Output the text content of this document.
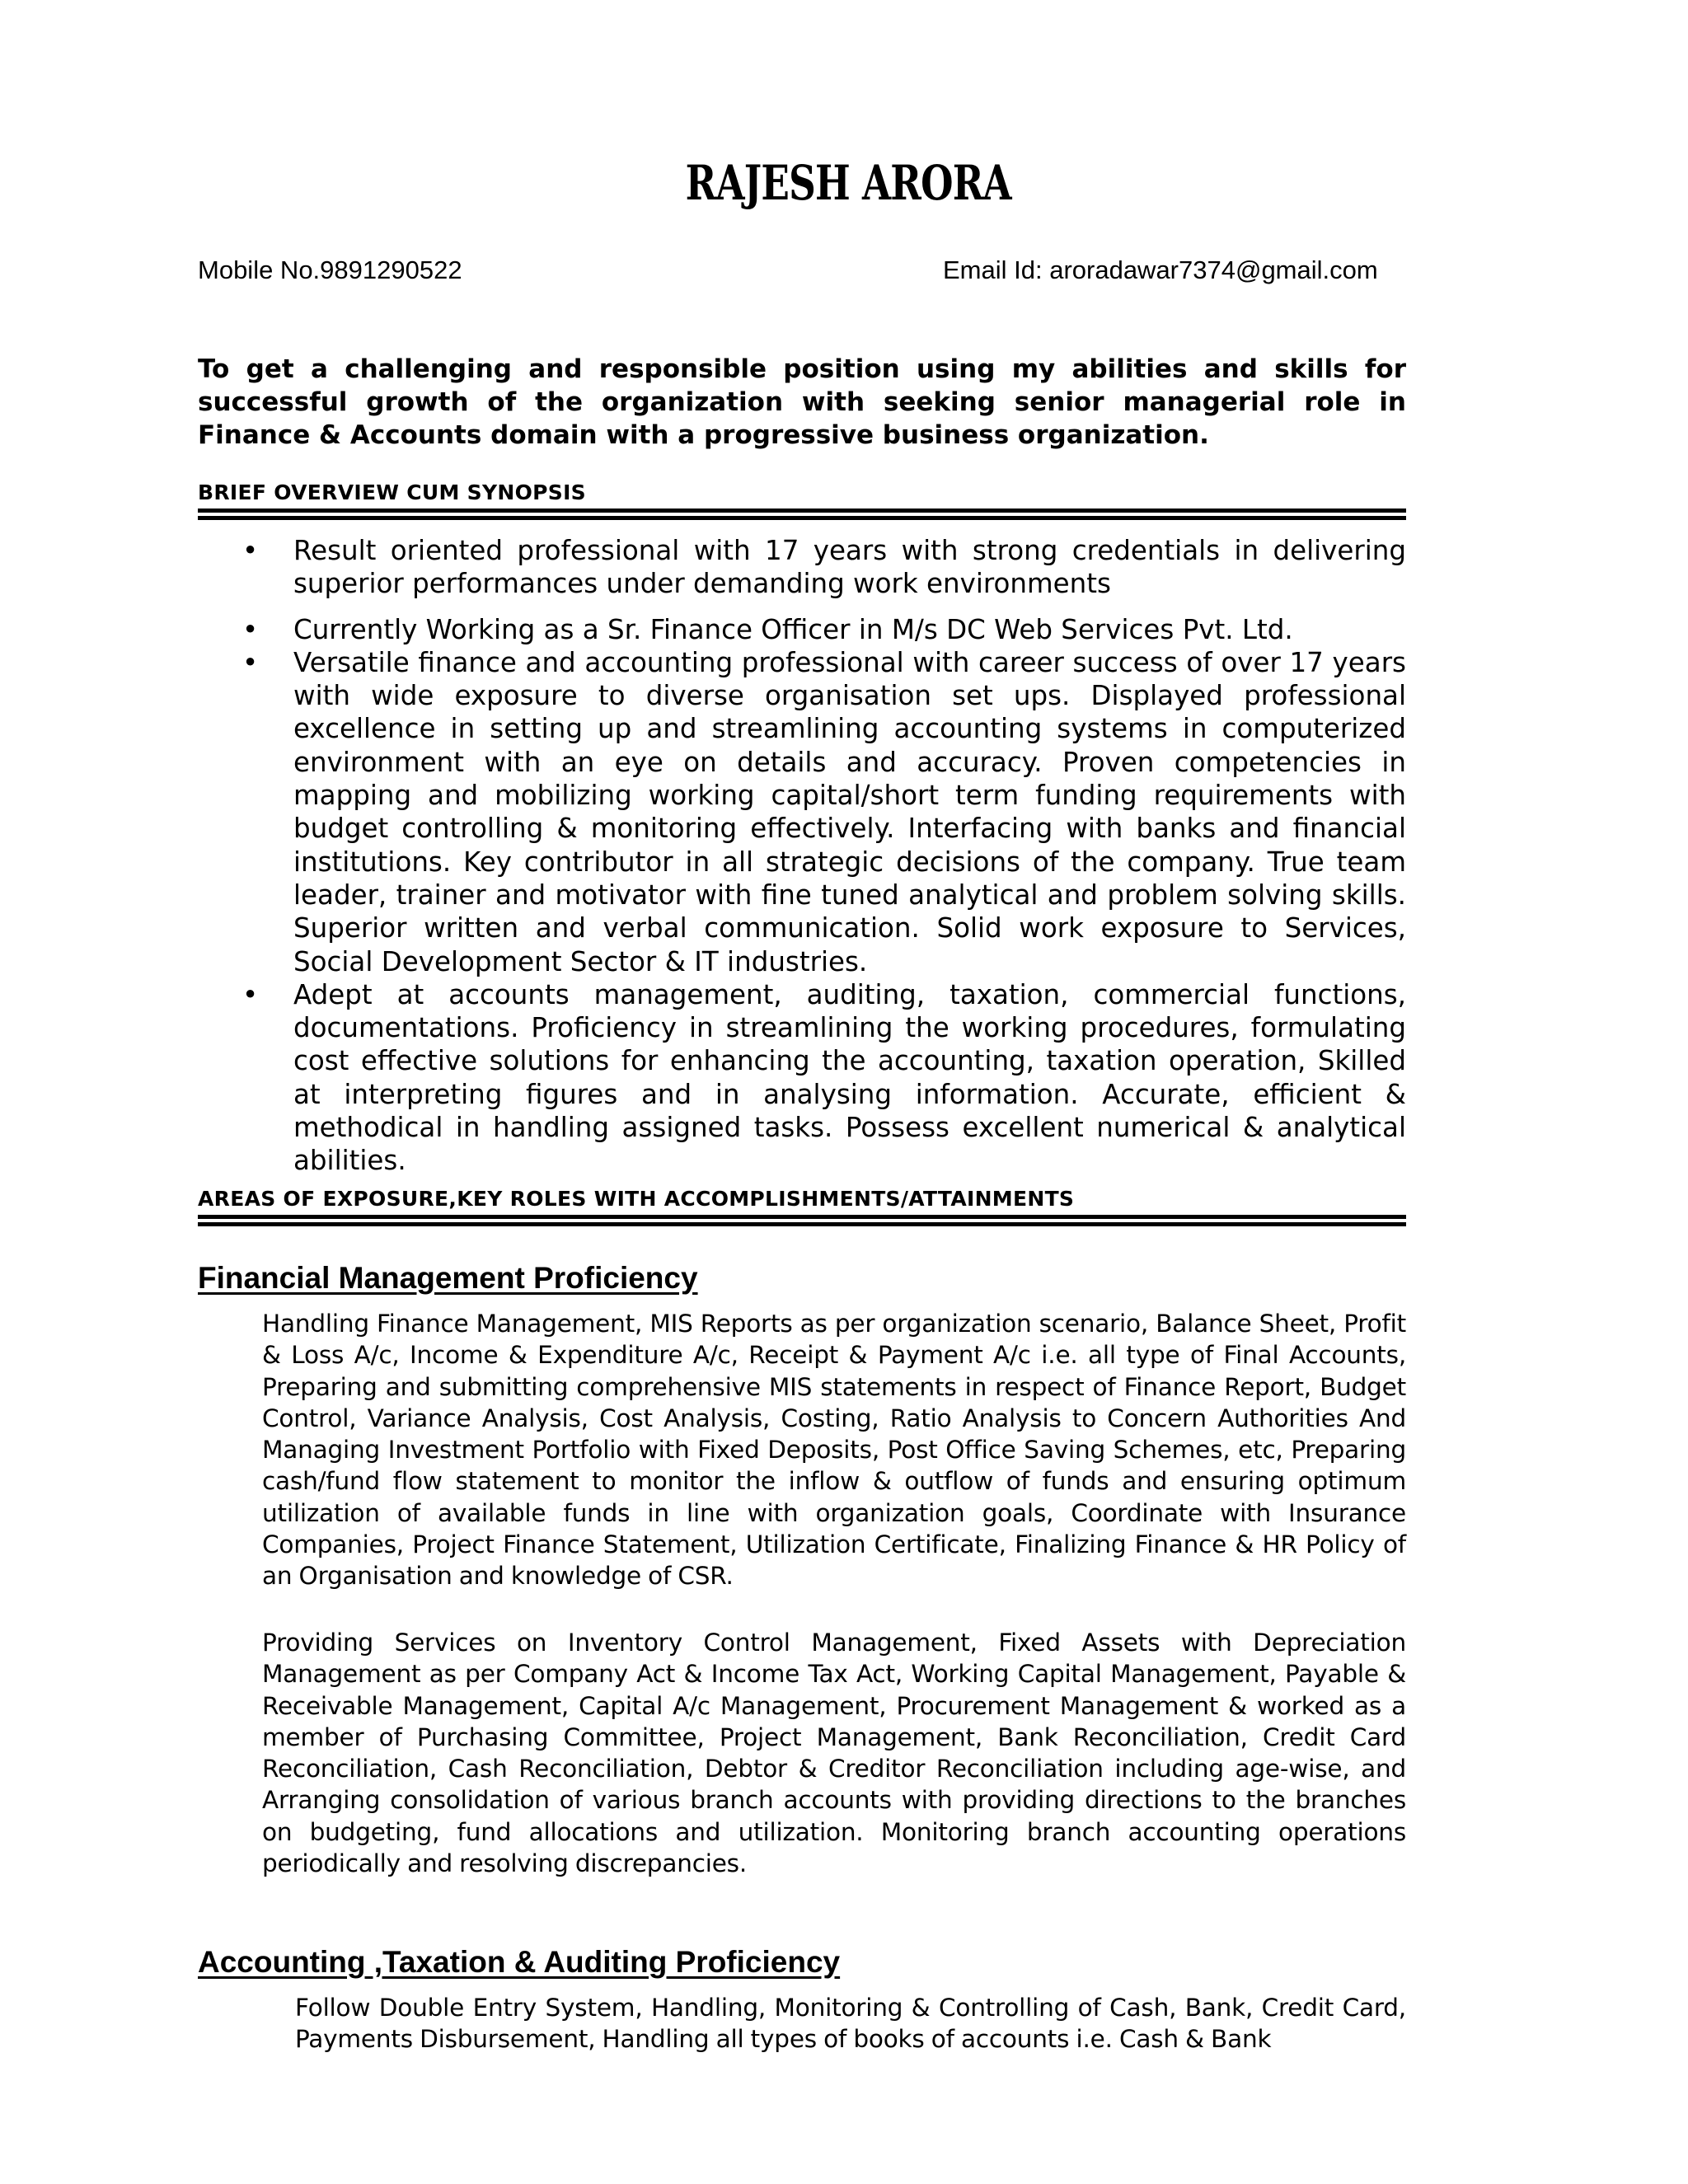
RAJESH ARORA
Mobile No.9891290522	Email Id: aroradawar7374@gmail.com
To get a challenging and responsible position using my abilities and skills for successful growth of the organization with seeking senior managerial role in Finance & Accounts domain with a progressive business organization.
BRIEF OVERVIEW CUM SYNOPSIS
• Result oriented professional with 17 years with strong credentials in delivering superior performances under demanding work environments
• Currently Working as a Sr. Finance Officer in M/s DC Web Services Pvt. Ltd.
• Versatile finance and accounting professional with career success of over 17 years with wide exposure to diverse organisation set ups. Displayed professional excellence in setting up and streamlining accounting systems in computerized environment with an eye on details and accuracy. Proven competencies in mapping and mobilizing working capital/short term funding requirements with budget controlling & monitoring effectively. Interfacing with banks and financial institutions. Key contributor in all strategic decisions of the company. True team leader, trainer and motivator with fine tuned analytical and problem solving skills. Superior written and verbal communication. Solid work exposure to Services, Social Development Sector & IT industries.
• Adept at accounts management, auditing, taxation, commercial functions, documentations. Proficiency in streamlining the working procedures, formulating cost effective solutions for enhancing the accounting, taxation operation, Skilled at interpreting figures and in analysing information. Accurate, efficient & methodical in handling assigned tasks. Possess excellent numerical & analytical abilities.
AREAS OF EXPOSURE,KEY ROLES WITH ACCOMPLISHMENTS/ATTAINMENTS
Financial Management Proficiency
Handling Finance Management, MIS Reports as per organization scenario, Balance Sheet, Profit & Loss A/c, Income & Expenditure A/c, Receipt & Payment A/c i.e. all type of Final Accounts, Preparing and submitting comprehensive MIS statements in respect of Finance Report, Budget Control, Variance Analysis, Cost Analysis, Costing, Ratio Analysis to Concern Authorities And Managing Investment Portfolio with Fixed Deposits, Post Office Saving Schemes, etc, Preparing cash/fund flow statement to monitor the inflow & outflow of funds and ensuring optimum utilization of available funds in line with organization goals, Coordinate with Insurance Companies, Project Finance Statement, Utilization Certificate, Finalizing Finance & HR Policy of an Organisation and knowledge of CSR.
Providing Services on Inventory Control Management, Fixed Assets with Depreciation Management as per Company Act & Income Tax Act, Working Capital Management, Payable & Receivable Management, Capital A/c Management, Procurement Management & worked as a member of Purchasing Committee, Project Management, Bank Reconciliation, Credit Card Reconciliation, Cash Reconciliation, Debtor & Creditor Reconciliation including age-wise, and Arranging consolidation of various branch accounts with providing directions to the branches on budgeting, fund allocations and utilization. Monitoring branch accounting operations periodically and resolving discrepancies.
Accounting ,Taxation & Auditing Proficiency
Follow Double Entry System, Handling, Monitoring & Controlling of Cash, Bank, Credit Card, Payments Disbursement, Handling all types of books of accounts i.e. Cash & Bank
